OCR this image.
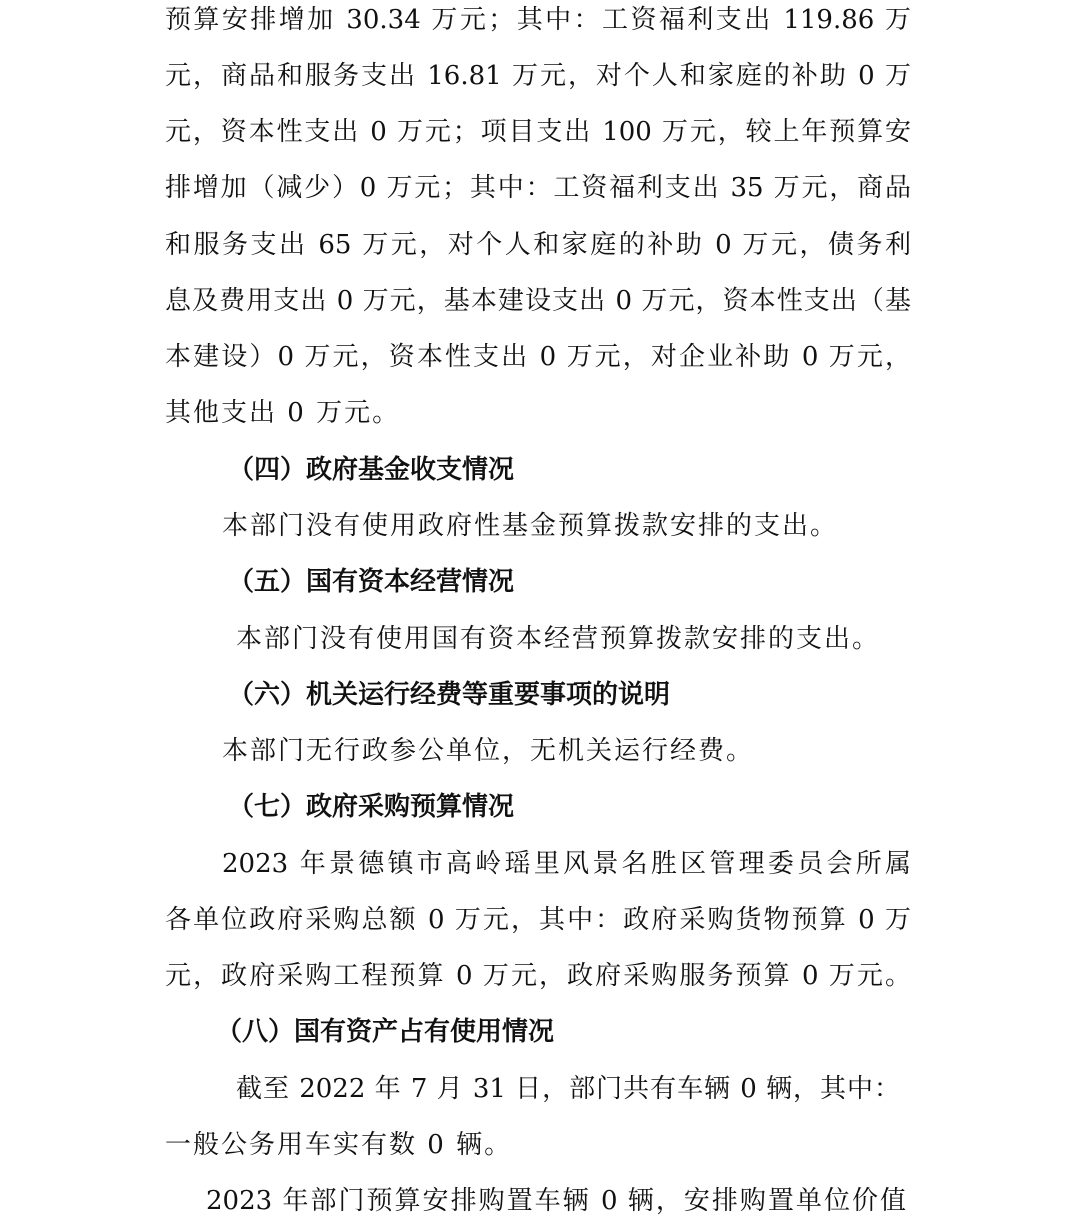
预算安排增加 30.34 万元；其中：工资福利支出 119.86 万
元，商品和服务支出 16.81 万元，对个人和家庭的补助 0 万
元，资本性支出 0 万元；项目支出 100 万元，较上年预算安
排增加（减少）0 万元；其中：工资福利支出 35 万元，商品
和服务支出 65 万元，对个人和家庭的补助 0 万元，债务利
息及费用支出 0 万元，基本建设支出 0 万元，资本性支出（基
本建设）0 万元，资本性支出 0 万元，对企业补助 0 万元，
其他支出 0 万元。
（四）政府基金收支情况
本部门没有使用政府性基金预算拨款安排的支出。
（五）国有资本经营情况
本部门没有使用国有资本经营预算拨款安排的支出。
（六）机关运行经费等重要事项的说明
本部门无行政参公单位，无机关运行经费。
（七）政府采购预算情况
2023 年景德镇市高岭瑶里风景名胜区管理委员会所属
各单位政府采购总额 0 万元，其中：政府采购货物预算 0 万
元，政府采购工程预算 0 万元，政府采购服务预算 0 万元。
（八）国有资产占有使用情况
截至 2022 年 7 月 31 日，部门共有车辆 0 辆，其中：
一般公务用车实有数 0 辆。
2023 年部门预算安排购置车辆 0 辆，安排购置单位价值
